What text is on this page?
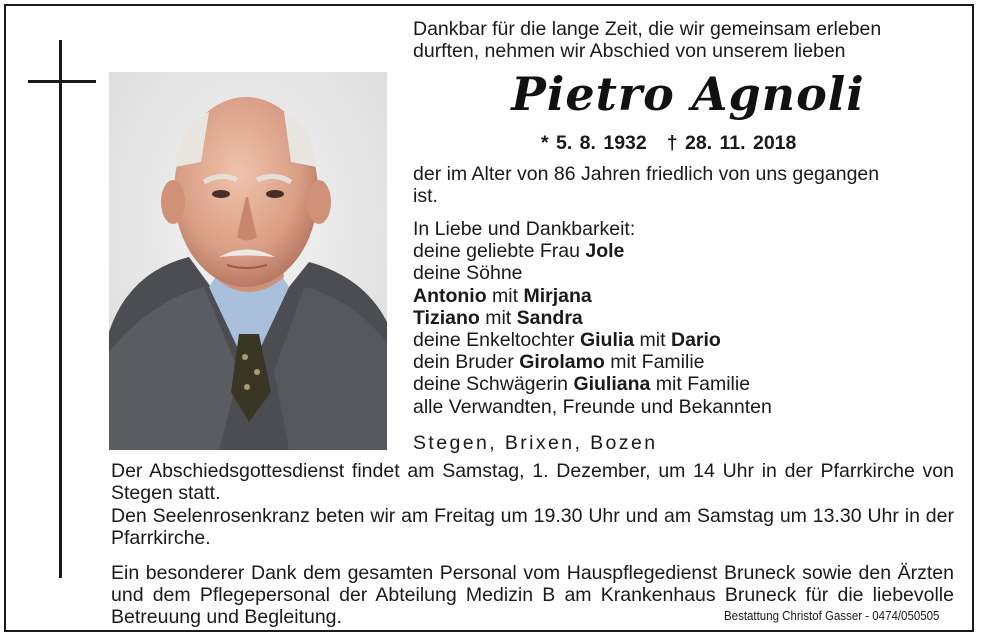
Dankbar für die lange Zeit, die wir gemeinsam erleben
durften, nehmen wir Abschied von unserem lieben
Pietro Agnoli
* 5. 8. 1932 † 28. 11. 2018
der im Alter von 86 Jahren friedlich von uns gegangen
ist.
In Liebe und Dankbarkeit:
deine geliebte Frau Jole
deine Söhne
Antonio mit Mirjana
Tiziano mit Sandra
deine Enkeltochter Giulia mit Dario
dein Bruder Girolamo mit Familie
deine Schwägerin Giuliana mit Familie
alle Verwandten, Freunde und Bekannten
Stegen, Brixen, Bozen
Der Abschiedsgottesdienst findet am Samstag, 1. Dezember, um 14 Uhr in der Pfarrkirche von Stegen statt.
Den Seelenrosenkranz beten wir am Freitag um 19.30 Uhr und am Samstag um 13.30 Uhr in der Pfarrkirche.
Ein besonderer Dank dem gesamten Personal vom Hauspflegedienst Bruneck sowie den Ärzten und dem Pflegepersonal der Abteilung Medizin B am Krankenhaus Bruneck für die liebevolle Betreuung und Begleitung.	Bestattung Christof Gasser - 0474/050505
